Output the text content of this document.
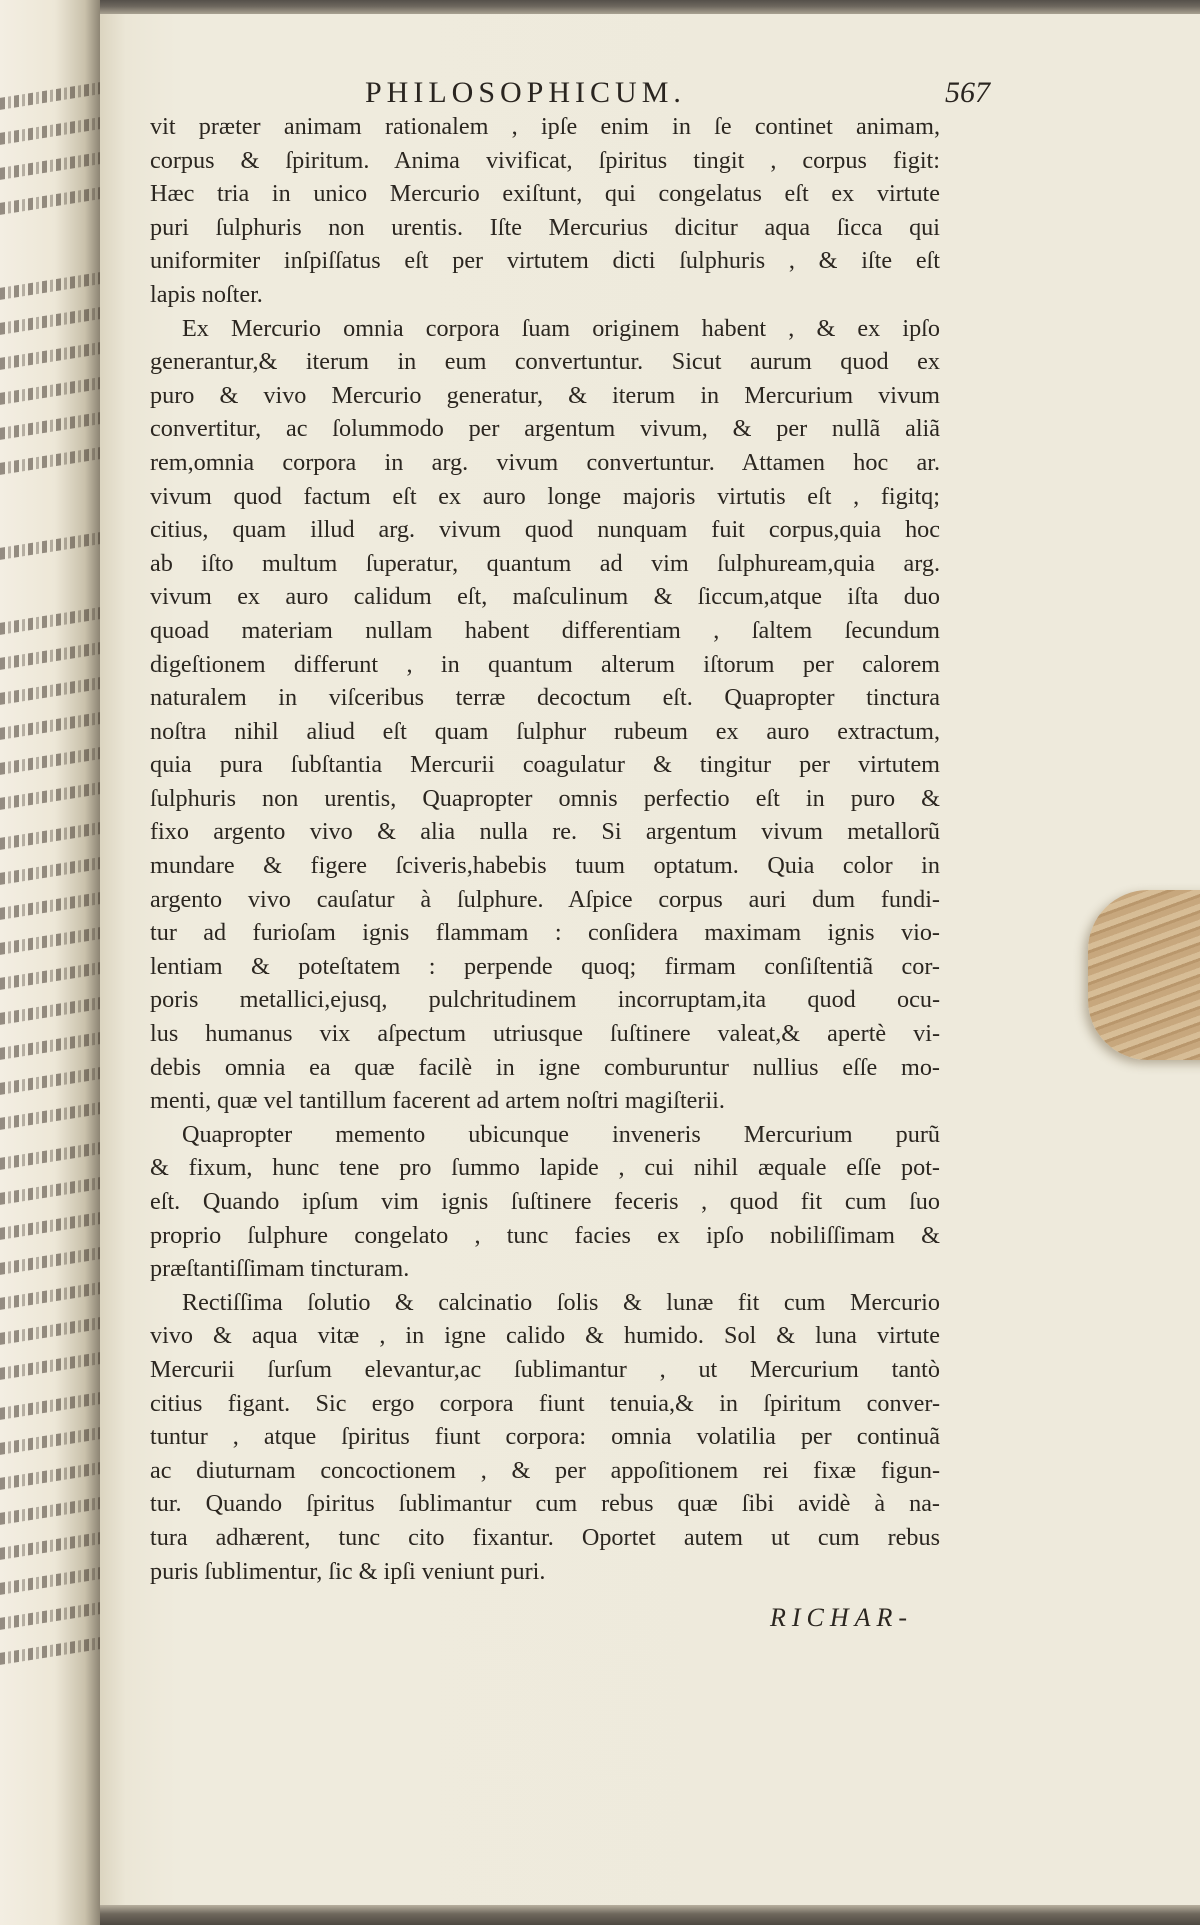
PHILOSOPHICUM.	567
vit præter animam rationalem , ipſe enim in ſe continet animam,
corpus & ſpiritum. Anima vivificat, ſpiritus tingit , corpus figit:
Hæc tria in unico Mercurio exiſtunt, qui congelatus eſt ex virtute
puri ſulphuris non urentis. Iſte Mercurius dicitur aqua ſicca qui
uniformiter inſpiſſatus eſt per virtutem dicti ſulphuris , & iſte eſt
lapis noſter.
Ex Mercurio omnia corpora ſuam originem habent , & ex ipſo
generantur,& iterum in eum convertuntur. Sicut aurum quod ex
puro & vivo Mercurio generatur, & iterum in Mercurium vivum
convertitur, ac ſolummodo per argentum vivum, & per nullã aliã
rem,omnia corpora in arg. vivum convertuntur. Attamen hoc ar.
vivum quod factum eſt ex auro longe majoris virtutis eſt , figitq;
citius, quam illud arg. vivum quod nunquam fuit corpus,quia hoc
ab iſto multum ſuperatur, quantum ad vim ſulphuream,quia arg.
vivum ex auro calidum eſt, maſculinum & ſiccum,atque iſta duo
quoad materiam nullam habent differentiam , ſaltem ſecundum
digeſtionem differunt , in quantum alterum iſtorum per calorem
naturalem in viſceribus terræ decoctum eſt. Quapropter tinctura
noſtra nihil aliud eſt quam ſulphur rubeum ex auro extractum,
quia pura ſubſtantia Mercurii coagulatur & tingitur per virtutem
ſulphuris non urentis, Quapropter omnis perfectio eſt in puro &
fixo argento vivo & alia nulla re. Si argentum vivum metallorũ
mundare & figere ſciveris,habebis tuum optatum. Quia color in
argento vivo cauſatur à ſulphure. Aſpice corpus auri dum fundi-
tur ad furioſam ignis flammam : conſidera maximam ignis vio-
lentiam & poteſtatem : perpende quoq; firmam conſiſtentiã cor-
poris metallici,ejusq, pulchritudinem incorruptam,ita quod ocu-
lus humanus vix aſpectum utriusque ſuſtinere valeat,& apertè vi-
debis omnia ea quæ facilè in igne comburuntur nullius eſſe mo-
menti, quæ vel tantillum facerent ad artem noſtri magiſterii.
Quapropter memento ubicunque inveneris Mercurium purũ
& fixum, hunc tene pro ſummo lapide , cui nihil æquale eſſe pot-
eſt. Quando ipſum vim ignis ſuſtinere feceris , quod fit cum ſuo
proprio ſulphure congelato , tunc facies ex ipſo nobiliſſimam &
præſtantiſſimam tincturam.
Rectiſſima ſolutio & calcinatio ſolis & lunæ fit cum Mercurio
vivo & aqua vitæ , in igne calido & humido. Sol & luna virtute
Mercurii ſurſum elevantur,ac ſublimantur , ut Mercurium tantò
citius figant. Sic ergo corpora fiunt tenuia,& in ſpiritum conver-
tuntur , atque ſpiritus fiunt corpora: omnia volatilia per continuã
ac diuturnam concoctionem , & per appoſitionem rei fixæ figun-
tur. Quando ſpiritus ſublimantur cum rebus quæ ſibi avidè à na-
tura adhærent, tunc cito fixantur. Oportet autem ut cum rebus
puris ſublimentur, ſic & ipſi veniunt puri.
RICHAR-
